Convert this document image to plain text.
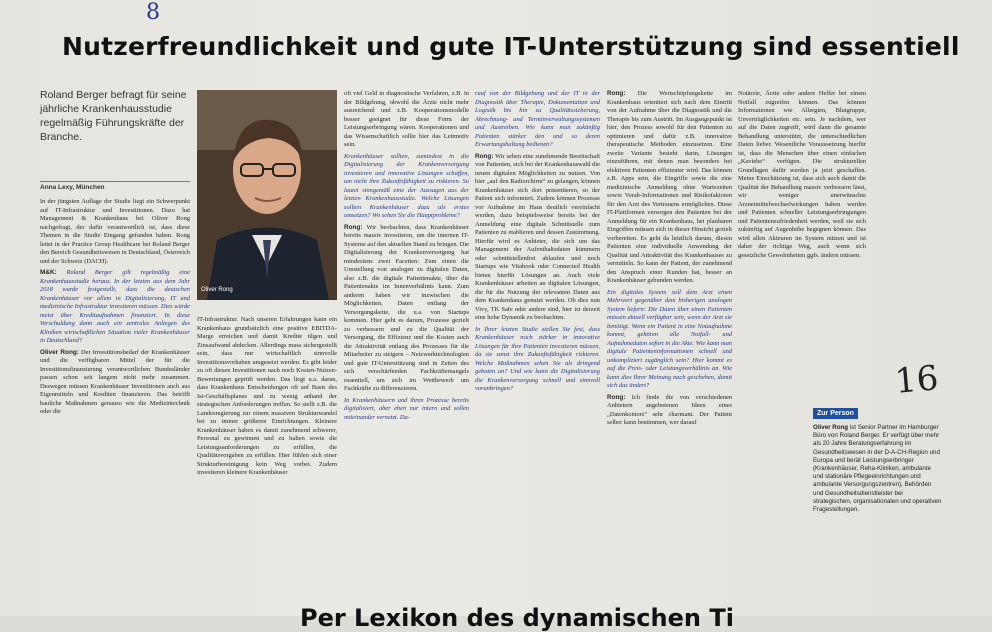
8
Nutzerfreundlichkeit und gute IT-Unterstützung sind essentiell
Roland Berger befragt für seine jährliche Krankenhausstudie regelmäßig Führungskräfte der Branche.
Anna Lexy, München

In der jüngsten Auflage der Studie liegt ein Schwerpunkt auf IT-Infrastruktur und Investitionen. Dazu hat Management & Krankenhaus bei Oliver Rong nachgefragt, der dafür verantwortlich ist, dass diese Themen in die Studie Eingang gefunden haben. Rong leitet in der Practice Group Healthcare bei Roland Berger den Bereich Gesundheitswesen in Deutschland, Österreich und der Schweiz (DACH).

M&K: Roland Berger gilt regelmäßig eine Krankenhausstudie heraus. In der letzten aus dem Jahr 2018 wurde festgestellt, dass die deutschen Krankenhäuser vor allem in Digitalisierung, IT und medizinische Infrastruktur investieren müssen. Dies würde meist über Kreditaufnahmen finanziert. In diese Verschuldung dann auch ein zentrales Anliegen des Kliniken wirtschaftlichen Situation vieler Krankenhäuser in Deutschland?

Oliver Rong: Der Investitionsbedarf der Krankenhäuser und die verfügbaren Mittel der für die Investitionsfinanzierung verantwortlichen Bundesländer passen schon seit langem nicht mehr zusammen. Deswegen müssen Krankenhäuser Investitionen auch aus Eigenmitteln und Krediten finanzieren. Das betrifft bauliche Maßnahmen genauso wie die Medizintechnik oder die

Oliver Rong

IT-Infrastruktur. Nach unseren Erfahrungen kann ein Krankenhaus grundsätzlich eine positive EBITDA-Marge erreichen und damit Kredite tilgen und Zinsaufwand abdecken. Allerdings muss sichergestellt sein, dass nur wirtschaftlich sinnvolle Investitionsvorhaben umgesetzt werden. Es gibt leider zu oft diesen Investitionen nach noch Kosten-Nutzen-Bewertungen geprüft werden. Das liegt u.a. daran, dass Krankenhaus Entscheidungen oft auf Basis des Ist-Geschäftsplanes und zu wenig anhand der strategischen Anforderungen treffen. So stellt z.B. die Landesregierung zur einem massiven Strukturwandel bei zu immer größeren Einrichtungen. Kleinere Krankenhäuser haben es damit zunehmend schwerer, Personal zu gewinnen und zu halten sowie die Leistungsanforderungen zu erfüllen, die Qualitätsvorgaben zu erfüllen. Hier fühlen sich einer Strukturbereinigung kein Weg vorbei. Zudem investieren kleinere Krankenhäuser

oft viel Geld in diagnostische Verfahren, z.B. in der Bildgebung, obwohl die Ärzte nicht mehr ausreichend und z.B. Kooperationsmodelle besser geeignet für diese Form der Leistungserbringung wären. Kooperationen und das Wissenschaftlich sollte hier das Leitmotiv sein.

Krankenhäuser sollten, zumindest in die Digitalisierung der Krankenversorgung investieren und innovative Lösungen schaffen, um nicht ihre Zukunftsfähigkeit zu riskieren. So lautet sinngemäß eine der Aussagen aus der letzten Krankenhausstudie. Welche Lösungen sollten Krankenhäuser dazu als erstes umsetzen? Wo sehen Sie die Hauptprobleme?

Rong: Wir beobachten, dass Krankenhäuser bereits massiv investieren, um die internen IT-Systeme auf den aktuellen Stand zu bringen. Die Digitalisierung der Krankenversorgung hat mindestens zwei Facetten: Zum einen die Umstellung von analogen zu digitalen Daten, also z.B. die digitale Patientenakte, über die Patientenakte im Innenverhältnis kann. Zum anderen haben wir inzwischen die Möglichkeiten, Daten entlang der Versorgungskette, die u.a. von Startups kommen. Hier geht es darum, Prozesse gezielt zu verbessern und zu die Qualität der Versorgung, die Effizienz und die Kosten auch die Attraktivität entlang des Prozesses für die Mitarbeiter zu steigern – Netzwerktechnologien und gute IT-Unterstützung sind in Zeiten des sich verschärfenden Fachkräftemangels essentiell, um sich im Wettbewerb um Fachkräfte zu differenzieren.

In Krankenhäusern und ihren Prozesse bereits digitalisiert, aber eben nur intern und sollen miteinander vernetzt. Da-

rauf von der Bildgebung und der IT in der Diagnostik über Therapie, Dokumentation und Logistik bis hin zu Qualitätssicherung, Abrechnung- und Terminverwaltungssystemen und Austreiben. Wie kann man zukünftig Patienten stärker den und so deren Erwartungshaltung bedienen?

Rong: Wir sehen eine zunehmende Bereitschaft von Patienten, sich bei der Krankenhauswahl die neuen digitalen Möglichkeiten zu nutzen. Von hier „auf den Radiorchirm“ zu gelangen, können Krankenhäuser sich dort präsentieren, so der Patient sich informiert. Zudem können Prozesse vor Aufnahme im Haus deutlich vereinfacht werden, dazu beispielsweise bereits bei der Anmeldung eine digitale Schnittstelle zum Patienten zu etablieren und dessen Zustimmung. Hierfür wird es Anbieter, die sich um das Management der Aufenthaltsdaten kümmern oder schnittstellenfrei ablaufen und noch Startups wie Vitabook oder Connected Health bieten hierfür Lösungen an. Auch viele Krankenhäuser arbeiten an digitalen Lösungen, die für die Nutzung der relevanten Daten aus dem Krankenhaus genutzt werden. Ob dies nun Vivy, TK Safe oder andere sind, hier ist derzeit eine hohe Dynamik zu beobachten.

In Ihrer letzten Studie stellen Sie fest, dass Krankenhäuser noch stärker in innovative Lösungen für ihre Patienten investieren müssen, da sie sonst ihre Zukunftsfähigkeit riskieren. Welche Maßnahmen sehen Sie als dringend geboten an? Und wie kann die Digitalisierung die Krankenversorgung schnell und sinnvoll voranbringen?

Rong: Die Wertschöpfungskette im Krankenhaus orientiert sich nach dem Eintritt von der Aufnahme über die Diagnostik und die Therapie bis zum Austritt. Im Ausgangspunkt ist hier, den Prozess sowohl für den Patienten zu optimieren und dafür z.B. innovative therapeutische Methoden einzusetzen. Eine zweite Variante besteht darin, Lösungen einzuführen, mit denen man besonders bei elektiven Patienten effizienter wird. Das können z.B. Apps sein, die Eingriffe sowie die eine medizinische Anmeldung ohne Wartezeiten sowie Vorab-Informationen und Risikofaktoren für den Arzt des Vertrauens ermöglichen. Diese IT-Plattformen versorgen den Patienten bei der Anmeldung für ein Krankenhaus, bei planbaren Eingriffen müssen sich in dieser Hinsicht gezielt vorbereiten. Es geht da letztlich darum, diesen Patienten eine individuelle Anwendung der Qualität und Attraktivität des Krankenhauses zu vermitteln. So kann der Patient, der zunehmend den Anspruch einer Kunden hat, besser an Krankenhäuser gebunden werden.

Ein digitales System soll dem Arzt einen Mehrwert gegenüber dem bisherigen analogen System liefern: Die Daten über einen Patienten müssen aktuell verfügbar sein, wenn der Arzt sie benötigt. Wenn ein Patient in eine Notaufnahme kommt, gehören alle Notfall- und Aufnahmedaten sofort in die Akte. Wie kann man digitale Patienteninformationen schnell und unkompliziert zugänglich sein? Hier kommt es auf die Preis- oder Leistungsverhältnis an. Wie kann dies Ihrer Meinung nach geschehen, damit sich das ändert?

Rong: Ich finde die von verschiedenen Anbietern angebotenen Ideen eines „Datenkontors“ sehr charmant. Der Patient selber kann bestimmen, wer darauf

Notärzte, Ärzte oder andere Helfer bei einem Notfall zugreifen können. Das können Informationen wie Allergien, Blutgruppe, Unverträglichkeiten etc. sein. Je nachdem, wer auf die Daten zugreift, wird dann die gesamte Behandlung unterstützt, die unterschiedlichen Daten lieber. Wesentliche Voraussetzung hierfür ist, dass die Menschen über einen einfachen „Kaviebe“ verfügen. Die strukturellen Grundlagen dafür werden ja jetzt geschaffen. Meine Einschätzung ist, dass sich auch damit die Qualität der Behandlung massiv verbessern lässt, wir weniger unerwünschte Arzneimittelwechselwirkungen haben werden und Patienten schneller Leistungserbringungen und Patientenzufriedenheit werden, weil sie sich zukünftig auf Augenhöhe begegnen können. Das wird allen Akteuren im System nützen und ist daher der richtige Weg, auch wenn sich gesetzliche Gewohnheiten ggfs. ändern müssen.

16
Zur Person
Oliver Rong ist Senior Partner im Hamburger Büro von Roland Berger. Er verfügt über mehr als 20 Jahre Beratungserfahrung im Gesundheitswesen in der D-A-CH-Region und Europa und berät Leistungserbringer (Krankenhäuser, Reha-Kliniken, ambulante und stationäre Pflegeeinrichtungen und ambulante Versorgungszentren), Behörden und Gesundheitsdienstleister bei strategischen, organisationalen und operativen Fragestellungen.
Per Lexikon des dynamischen Ti
